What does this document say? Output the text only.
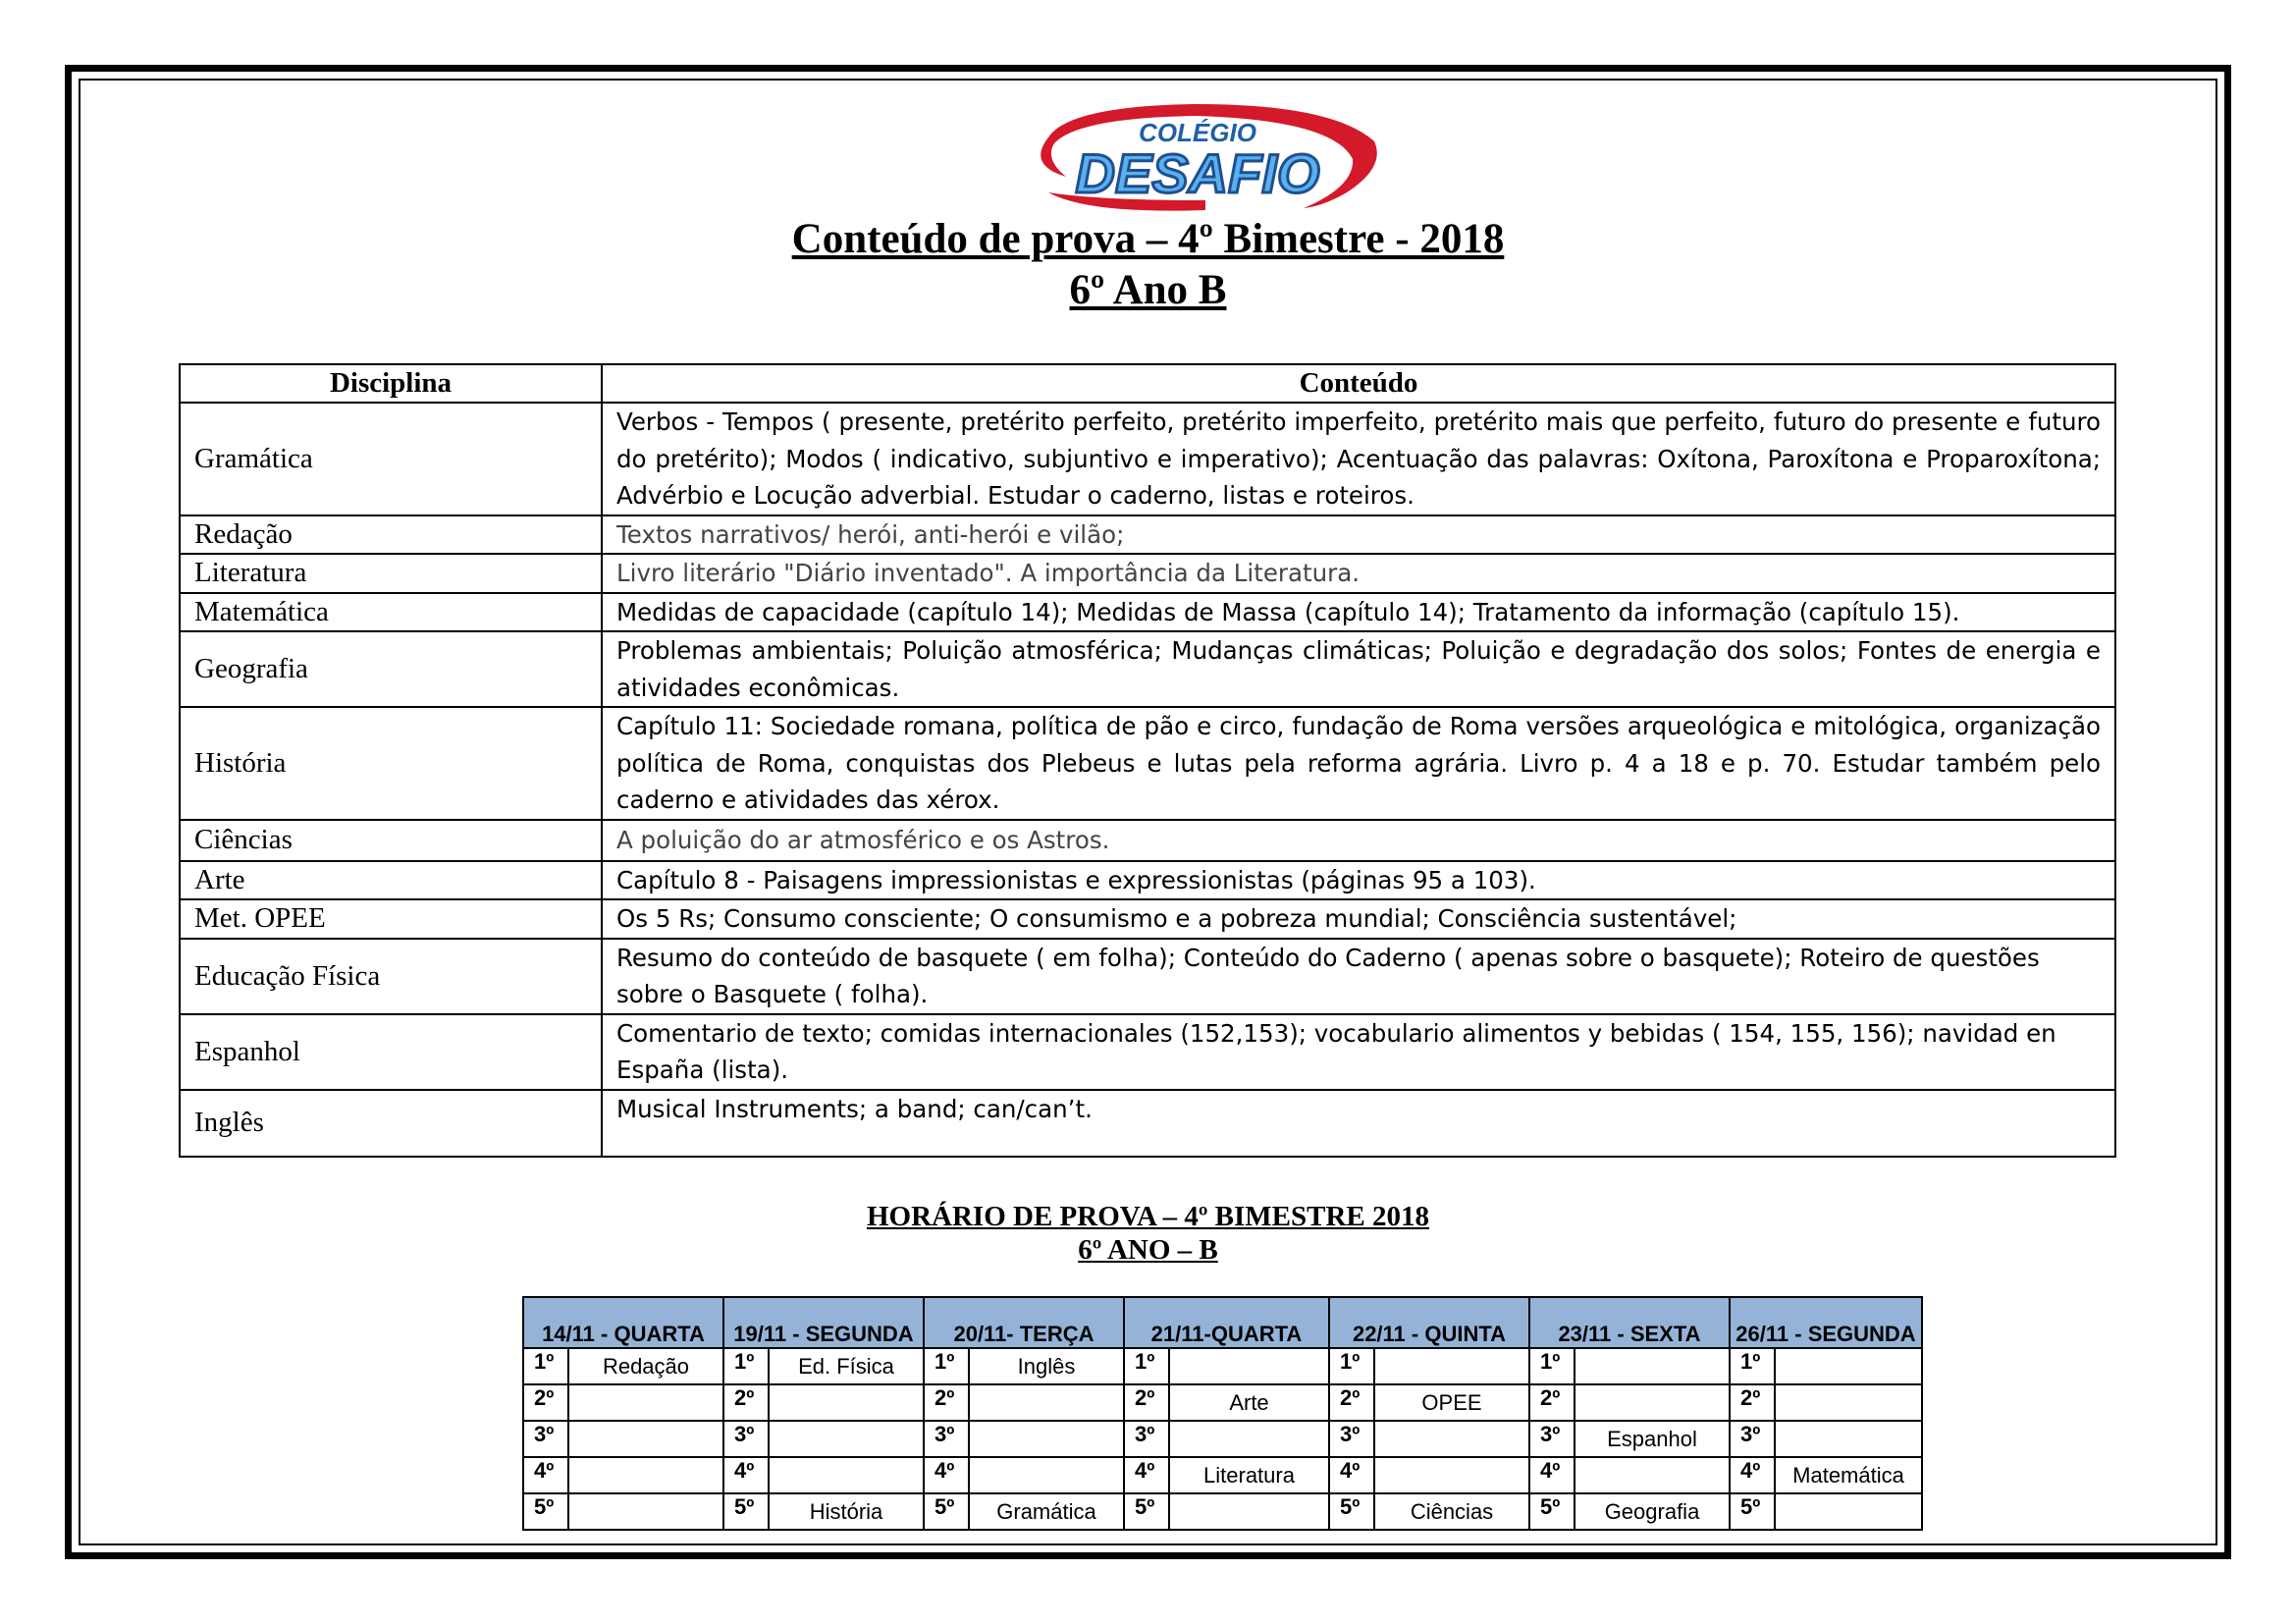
COLÉGIO
DESAFIO
Conteúdo de prova – 4º Bimestre - 2018
6º Ano B
Disciplina	Conteúdo
Gramática	Verbos - Tempos ( presente, pretérito perfeito, pretérito imperfeito, pretérito mais que perfeito, futuro do presente e futuro do pretérito); Modos ( indicativo, subjuntivo e imperativo); Acentuação das palavras: Oxítona, Paroxítona e Proparoxítona; Advérbio e Locução adverbial. Estudar o caderno, listas e roteiros.
Redação	Textos narrativos/ herói, anti-herói e vilão;
Literatura	Livro literário "Diário inventado". A importância da Literatura.
Matemática	Medidas de capacidade (capítulo 14); Medidas de Massa (capítulo 14); Tratamento da informação (capítulo 15).
Geografia	Problemas ambientais; Poluição atmosférica; Mudanças climáticas; Poluição e degradação dos solos; Fontes de energia e atividades econômicas.
História	Capítulo 11: Sociedade romana, política de pão e circo, fundação de Roma versões arqueológica e mitológica, organização política de Roma, conquistas dos Plebeus e lutas pela reforma agrária. Livro p. 4 a 18 e p. 70. Estudar também pelo caderno e atividades das xérox.
Ciências	A poluição do ar atmosférico e os Astros.
Arte	Capítulo 8 - Paisagens impressionistas e expressionistas (páginas 95 a 103).
Met. OPEE	Os 5 Rs; Consumo consciente; O consumismo e a pobreza mundial; Consciência sustentável;
Educação Física	Resumo do conteúdo de basquete ( em folha); Conteúdo do Caderno ( apenas sobre o basquete); Roteiro de questões sobre o Basquete ( folha).
Espanhol	Comentario de texto; comidas internacionales (152,153); vocabulario alimentos y bebidas ( 154, 155, 156); navidad en España (lista).
Inglês	Musical Instruments; a band; can/can’t.
HORÁRIO DE PROVA – 4º BIMESTRE 2018
6º ANO – B
14/11 - QUARTA		19/11 - SEGUNDA		20/11- TERÇA		21/11-QUARTA		22/11 - QUINTA		23/11 - SEXTA		26/11 - SEGUNDA	
1º	Redação	1º	Ed. Física	1º	Inglês	1º		1º		1º		1º	
2º		2º		2º		2º	Arte	2º	OPEE	2º		2º	
3º		3º		3º		3º		3º		3º	Espanhol	3º	
4º		4º		4º		4º	Literatura	4º		4º		4º	Matemática
5º		5º	História	5º	Gramática	5º		5º	Ciências	5º	Geografia	5º	
